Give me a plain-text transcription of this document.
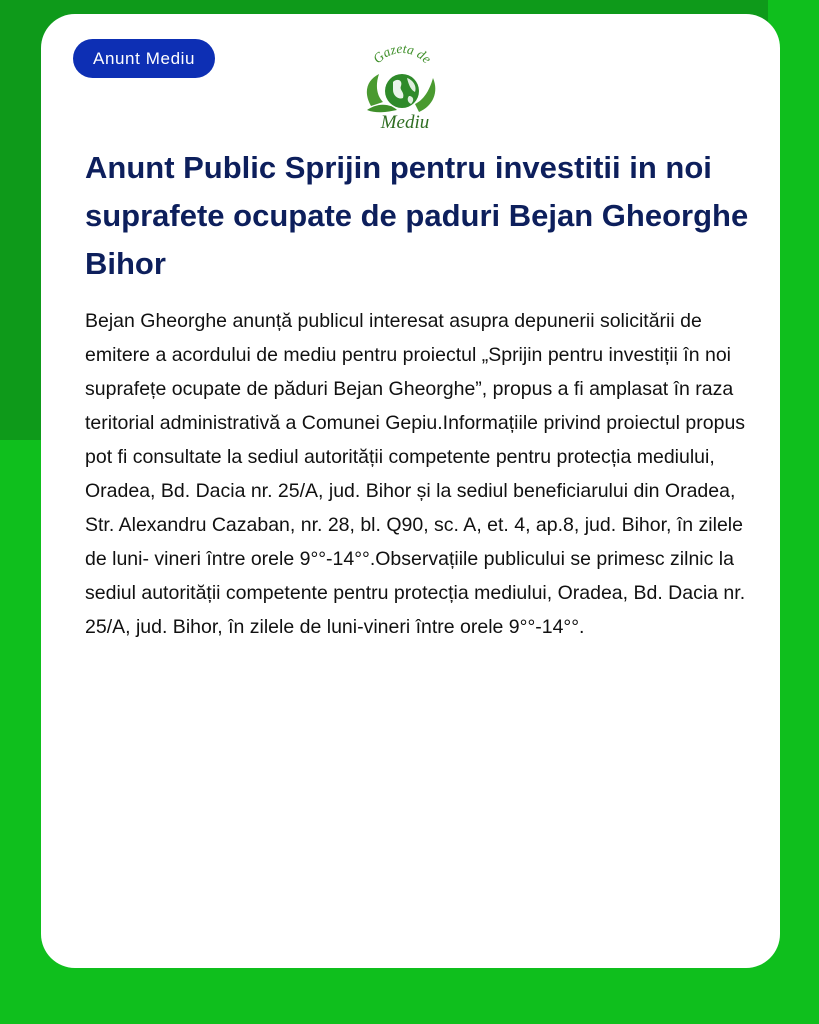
Anunt Mediu	Gazeta de
Mediu
Anunt Public Sprijin pentru investitii in noi suprafete ocupate de paduri Bejan Gheorghe Bihor

Bejan Gheorghe anunță publicul interesat asupra depunerii solicitării de emitere a acordului de mediu pentru proiectul „Sprijin pentru investiții în noi suprafețe ocupate de păduri Bejan Gheorghe”, propus a fi amplasat în raza teritorial administrativă a Comunei Gepiu.Informațiile privind proiectul propus pot fi consultate la sediul autorității competente pentru protecția mediului, Oradea, Bd. Dacia nr. 25/A, jud. Bihor și la sediul beneficiarului din Oradea, Str. Alexandru Cazaban, nr. 28, bl. Q90, sc. A, et. 4, ap.8, jud. Bihor, în zilele de luni- vineri între orele 9°°-14°°.Observațiile publicului se primesc zilnic la sediul autorității competente pentru protecția mediului, Oradea, Bd. Dacia nr. 25/A, jud. Bihor, în zilele de luni-vineri între orele 9°°-14°°.
